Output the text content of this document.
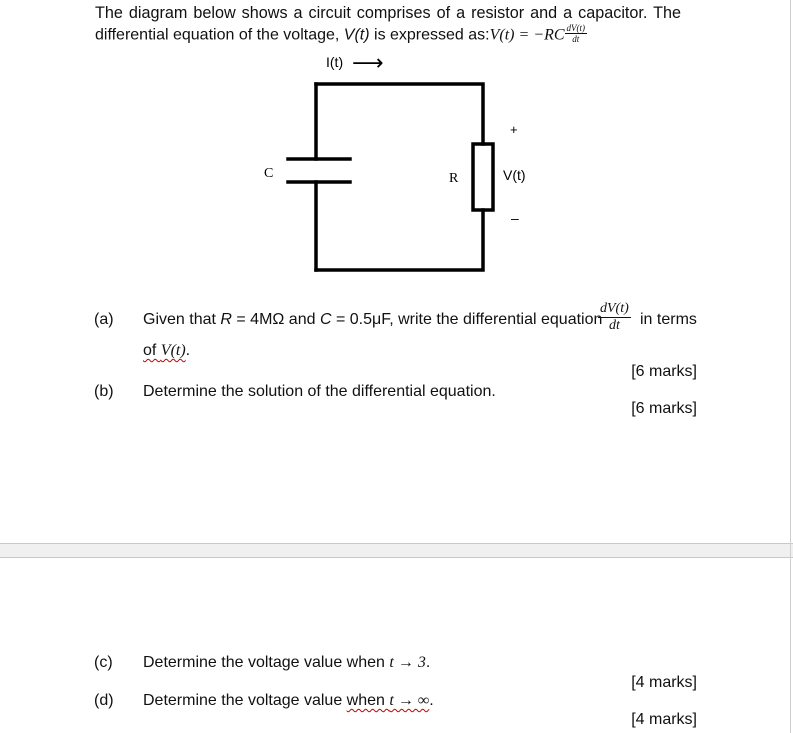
The diagram below shows a circuit comprises of a resistor and a capacitor. The
differential equation of the voltage, V(t) is expressed as:V(t) = $-RC \frac{dV(t)}{dt}$
I(t) ⟶
C	R	V(t)
+
–
(a) Given that R = 4MΩ and C = 0.5μF, write the differential equation
$\frac{dV(t)}{dt}$ in terms
of V(t).
[6 marks]
(b) Determine the solution of the differential equation.
[6 marks]
(c) Determine the voltage value when t → 3.
[4 marks]
(d) Determine the voltage value when t → ∞.
[4 marks]
